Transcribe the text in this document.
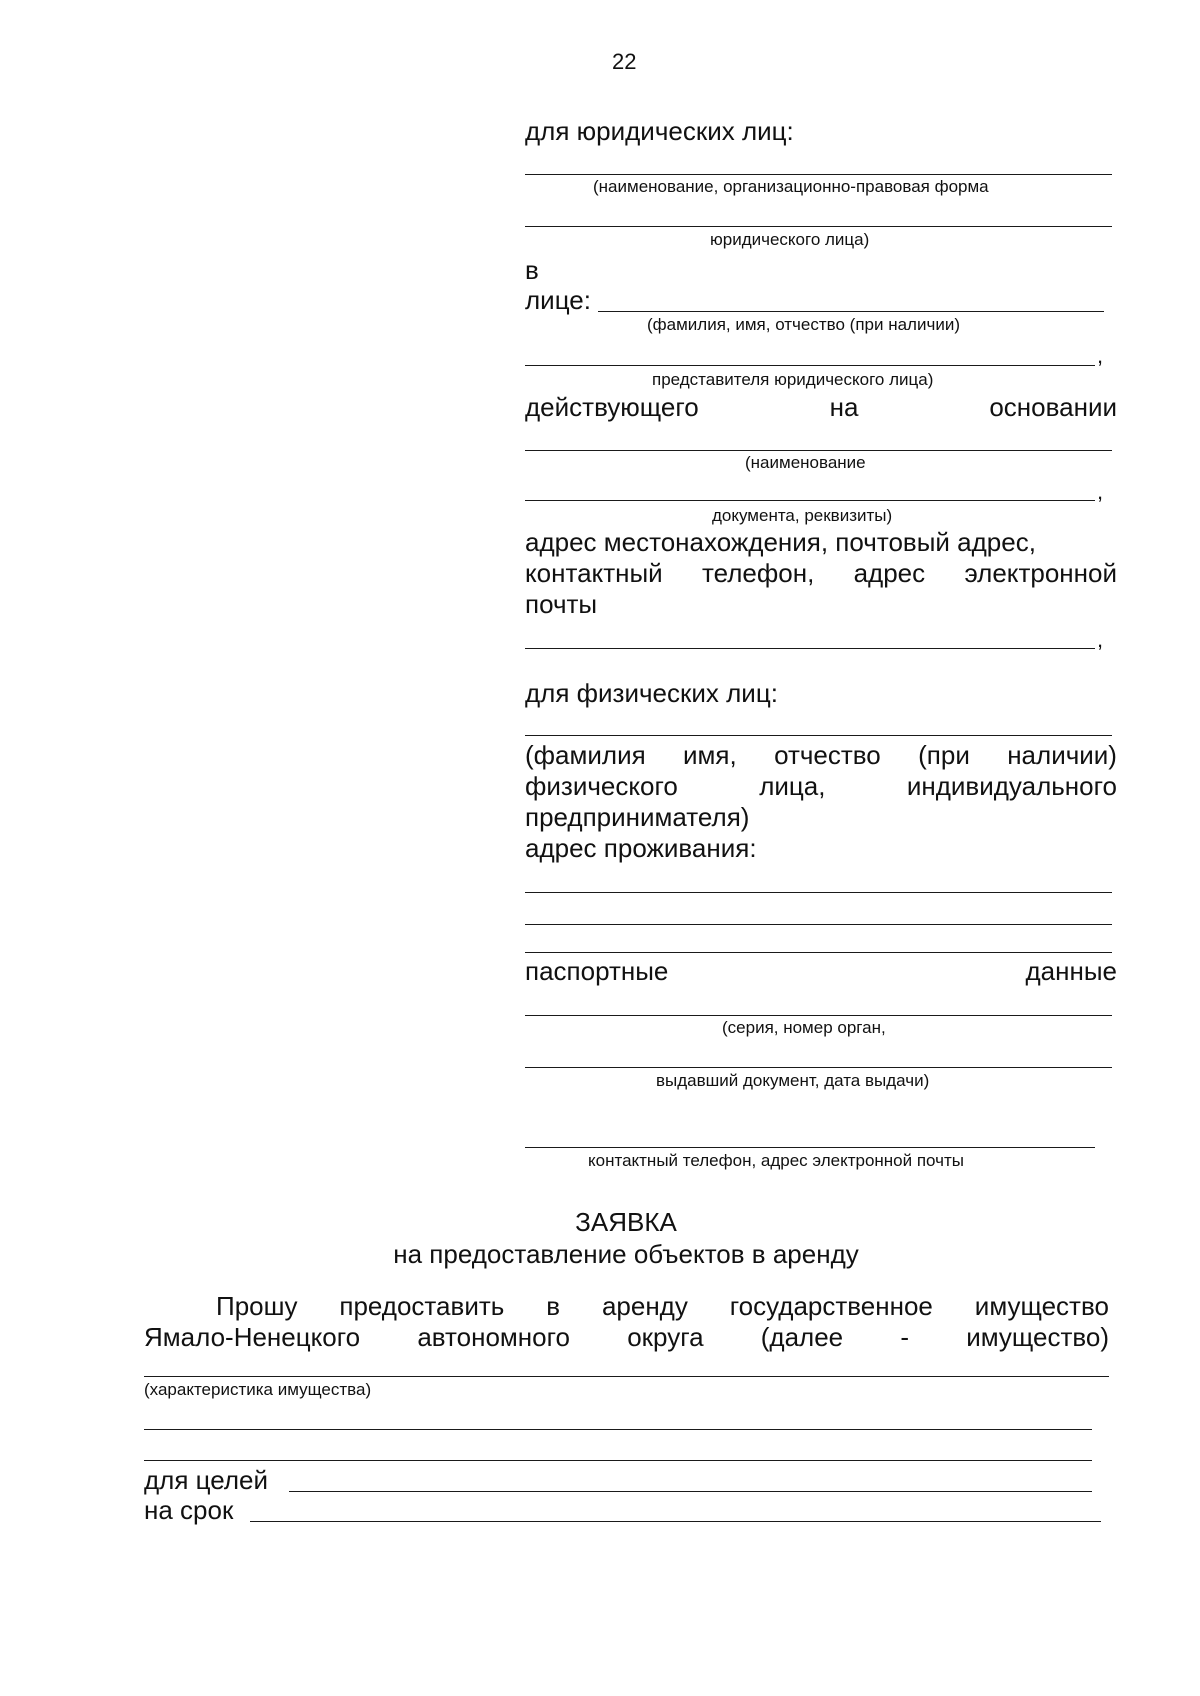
22
для юридических лиц:
(наименование, организационно-правовая форма
юридического лица)
в
лице:
(фамилия, имя, отчество (при наличии)
,
представителя юридического лица)
действующего	на	основании
(наименование
,
документа, реквизиты)
адрес местонахождения, почтовый адрес,
контактный телефон, адрес электронной
почты
,
для физических лиц:
(фамилия имя, отчество (при наличии)
физического	лица,	индивидуального
предпринимателя)
адрес проживания:
паспортные	данные
(серия, номер орган,
выдавший документ, дата выдачи)
контактный телефон, адрес электронной почты
ЗАЯВКА
на предоставление объектов в аренду
Прошу предоставить в аренду государственное имущество
Ямало-Ненецкого автономного округа (далее - имущество)
(характеристика имущества)
для целей
на срок
